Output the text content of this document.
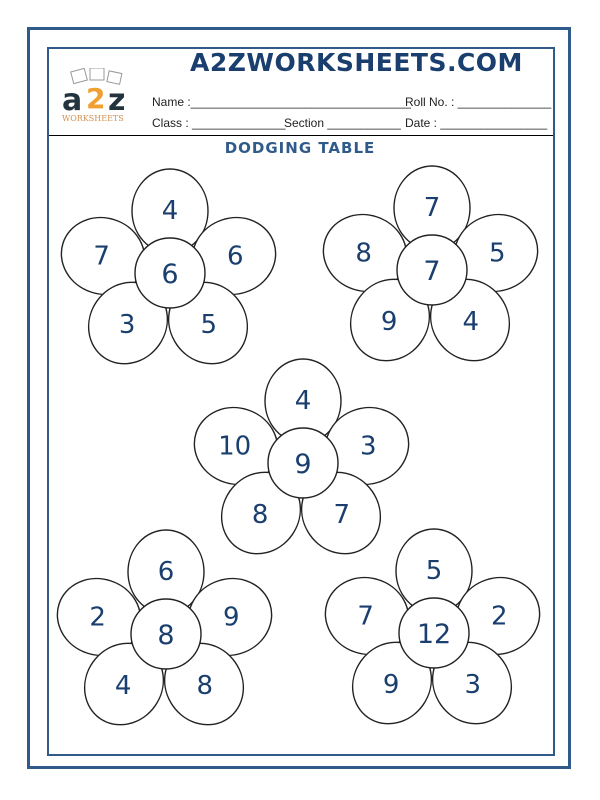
a 2 z
WORKSHEETS
A2ZWORKSHEETS.COM
Name :_________________________________
Roll No. : ______________
Class : ______________
Section ___________ Date : ________________
DODGING TABLE
4
7	6
3	5
6
7
8	5
9	4
7
4
10	3
8	7
9
6
2	9
4	8
8
5
7	2
9	3
12
